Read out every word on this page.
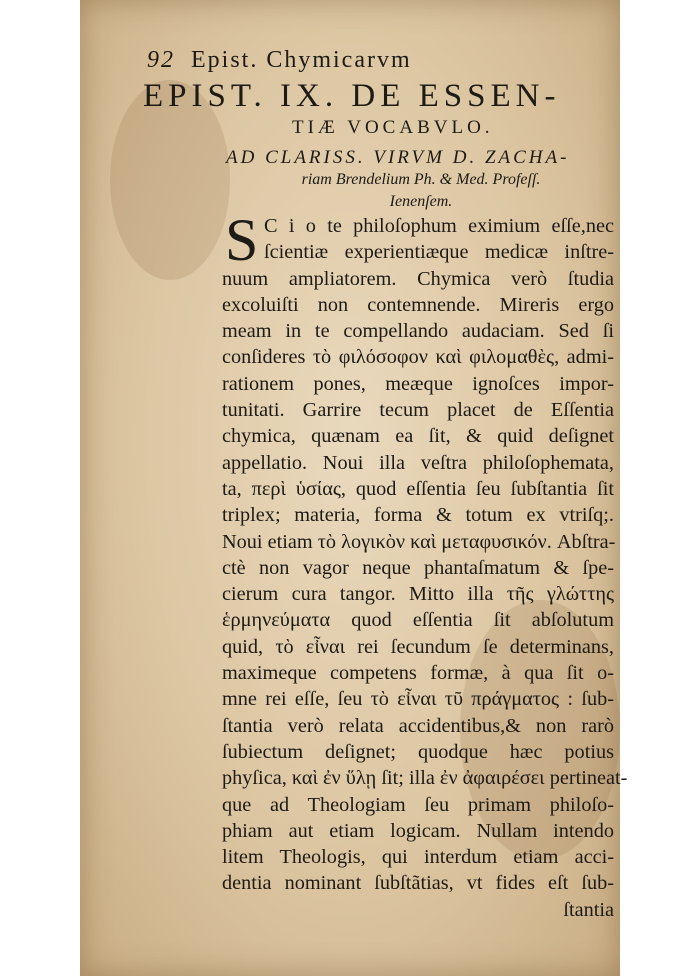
92 Epist. Chymicarvm
EPIST. IX. DE ESSEN-
TIÆ VOCABVLO.
AD CLARISS. VIRVM D. ZACHA-
riam Brendelium Ph. & Med. Profeſſ.
Ienenſem.
S C i o te philoſophum eximium eſſe,nec
ſcientiæ experientiæque medicæ inſtre-
nuum ampliatorem. Chymica verò ſtudia
excoluiſti non contemnende. Mireris ergo
meam in te compellando audaciam. Sed ſi
conſideres τὸ φιλόσοφον καὶ φιλομαθὲς, admi-
rationem pones, meæque ignoſces impor-
tunitati. Garrire tecum placet de Eſſentia
chymica, quænam ea ſit, & quid deſignet
appellatio. Noui illa veſtra philoſophemata,
ta, περὶ ὑσίας, quod eſſentia ſeu ſubſtantia ſit
triplex; materia, forma & totum ex vtriſq;.
Noui etiam τὸ λογικὸν καὶ μεταφυσικόν. Abſtra-
ctè non vagor neque phantaſmatum & ſpe-
cierum cura tangor. Mitto illa τῆς γλώττης
ἑρμηνεύματα quod eſſentia ſit abſolutum
quid, τὸ εἶναι rei ſecundum ſe determinans,
maximeque competens formæ, à qua ſit o-
mne rei eſſe, ſeu τὸ εἶναι τῦ πράγματος : ſub-
ſtantia verò relata accidentibus,& non rarò
ſubiectum deſignet; quodque hæc potius
phyſica, καὶ ἐν ὕλῃ ſit; illa ἐν ἀφαιρέσει pertineat-
que ad Theologiam ſeu primam philoſo-
phiam aut etiam logicam. Nullam intendo
litem Theologis, qui interdum etiam acci-
dentia nominant ſubſtãtias, vt fides eſt ſub-
ſtantia
